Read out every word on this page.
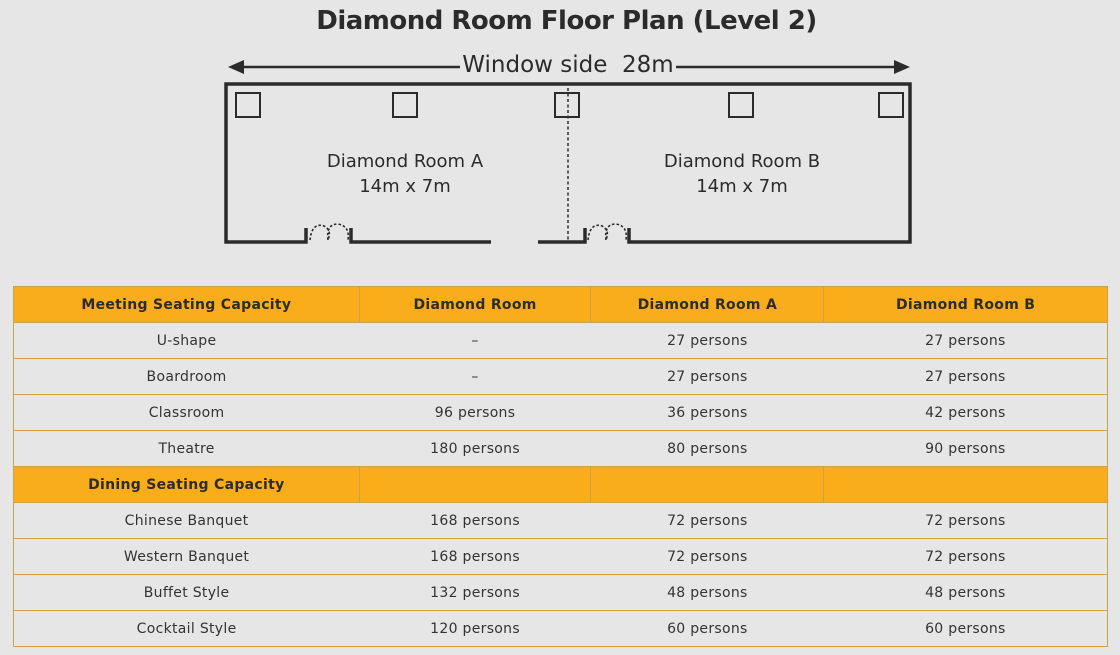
Diamond Room Floor Plan (Level 2)
Window side  28m
Diamond Room A
14m x 7m
Diamond Room B
14m x 7m
Meeting Seating Capacity	Diamond Room	Diamond Room A	Diamond Room B
U-shape	–	27 persons	27 persons
Boardroom	–	27 persons	27 persons
Classroom	96 persons	36 persons	42 persons
Theatre	180 persons	80 persons	90 persons
Dining Seating Capacity			
Chinese Banquet	168 persons	72 persons	72 persons
Western Banquet	168 persons	72 persons	72 persons
Buffet Style	132 persons	48 persons	48 persons
Cocktail Style	120 persons	60 persons	60 persons
